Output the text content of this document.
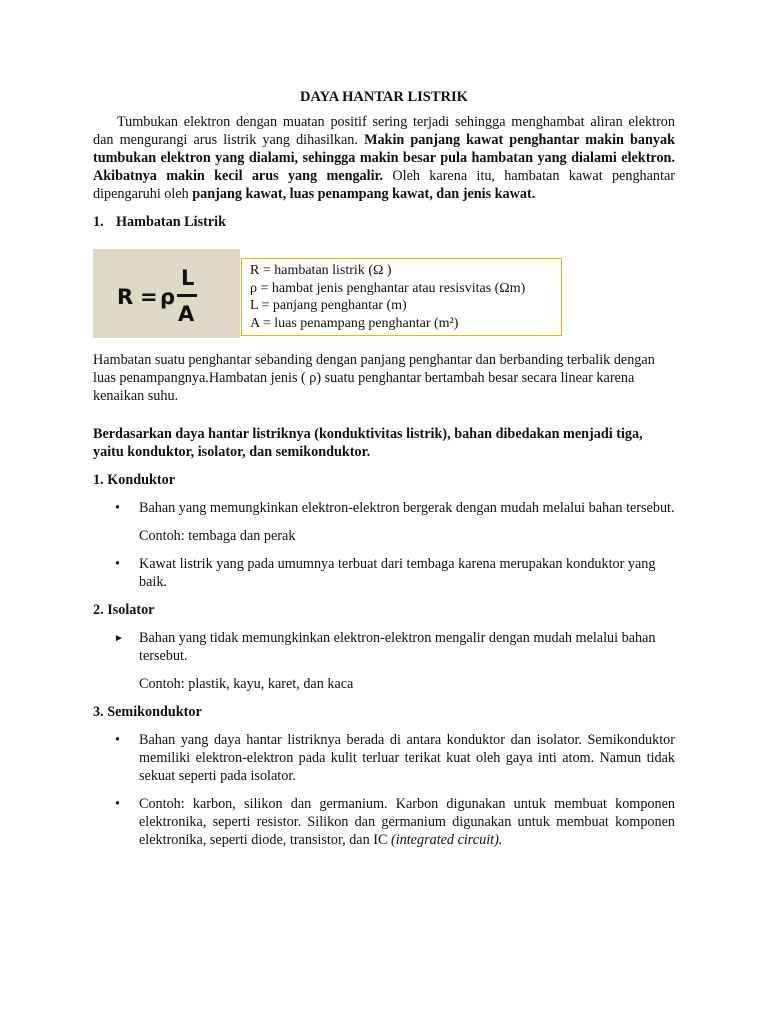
DAYA HANTAR LISTRIK

Tumbukan elektron dengan muatan positif sering terjadi sehingga menghambat aliran elektron dan mengurangi arus listrik yang dihasilkan. Makin panjang kawat penghantar makin banyak tumbukan elektron yang dialami, sehingga makin besar pula hambatan yang dialami elektron. Akibatnya makin kecil arus yang mengalir. Oleh karena itu, hambatan kawat penghantar dipengaruhi oleh panjang kawat, luas penampang kawat, dan jenis kawat.

1. Hambatan Listrik

R = ρ
L
A

R = hambatan listrik (Ω )

ρ = hambat jenis penghantar atau resisvitas (Ωm)

L = panjang penghantar (m)

A = luas penampang penghantar (m²)

Hambatan suatu penghantar sebanding dengan panjang penghantar dan berbanding terbalik dengan luas penampangnya.Hambatan jenis ( ρ) suatu penghantar bertambah besar secara linear karena kenaikan suhu.

Berdasarkan daya hantar listriknya (konduktivitas listrik), bahan dibedakan menjadi tiga, yaitu konduktor, isolator, dan semikonduktor.

1. Konduktor

• Bahan yang memungkinkan elektron-elektron bergerak dengan mudah melalui bahan tersebut.

Contoh: tembaga dan perak

• Kawat listrik yang pada umumnya terbuat dari tembaga karena merupakan konduktor yang baik.

2. Isolator

► Bahan yang tidak memungkinkan elektron-elektron mengalir dengan mudah melalui bahan tersebut.

Contoh: plastik, kayu, karet, dan kaca

3. Semikonduktor

• Bahan yang daya hantar listriknya berada di antara konduktor dan isolator. Semikonduktor memiliki elektron-elektron pada kulit terluar terikat kuat oleh gaya inti atom. Namun tidak sekuat seperti pada isolator.
• Contoh: karbon, silikon dan germanium. Karbon digunakan untuk membuat komponen elektronika, seperti resistor. Silikon dan germanium digunakan untuk membuat komponen elektronika, seperti diode, transistor, dan IC (integrated circuit).
